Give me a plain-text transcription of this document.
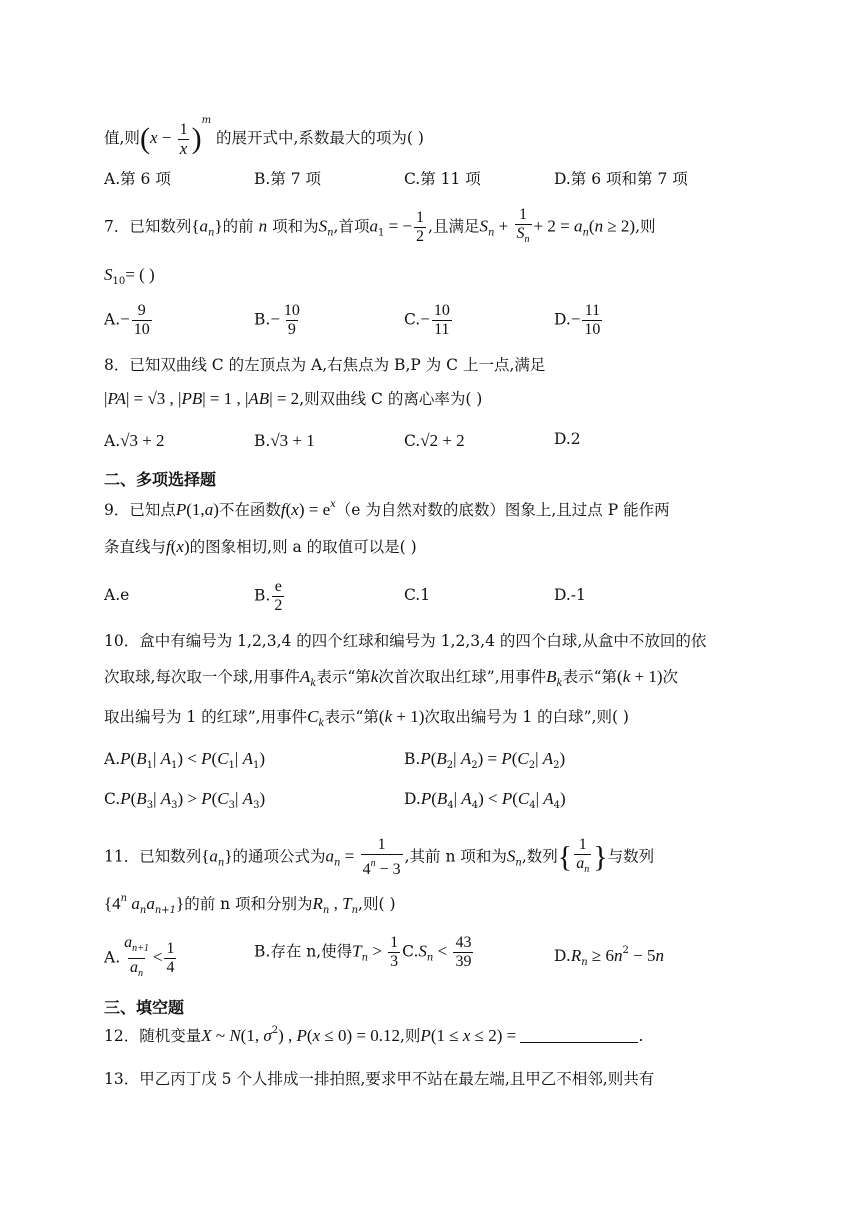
值,则$(x - \frac{1}{x} )^m$ 的展开式中,系数最大的项为( )
A.第 6 项	B.第 7 项	C.第 11 项	D.第 6 项和第 7 项
7．已知数列$\{a_n\}$的前 n 项和为$S_n$,首项$a_1$ = − $\frac{1}{2}$ ,且满足$S_n + \frac{1}{S_n} + 2 = a_n(n \ge 2)$,则
$S_{10}=$ ( )
$A.- \frac{9}{10}$	$B.- \frac{10}{9}$	$C.- \frac{10}{11}$	$D.- \frac{11}{10}$
8．已知双曲线 C 的左顶点为 A,右焦点为 B,P 为 C 上一点,满足
|PA| = √3 , |PB| = 1 , |AB| = 2,则双曲线 C 的离心率为( )
A.√3 + 2	B.√3 + 1	C.√2 + 2	D.2
二、多项选择题
9．已知点P(1,a)不在函数$f(x) = e^x(e$ 为自然对数的底数）图象上,且过点 P 能作两
条直线与f(x)的图象相切,则 a 的取值可以是( )
A.e	B. $\frac{e}{2}$	C.1	D.-1
10．盒中有编号为 1,2,3,4 的四个红球和编号为 1,2,3,4 的四个白球,从盒中不放回的依
次取球,每次取一个球,用事件$A_k$表示“第k次首次取出红球”,用事件$B_k$表示“第(k + 1)次
取出编号为 1 的红球”,用事件$C_k$表示“第(k + 1)次取出编号为 1 的白球”,则( )
$A.P(B_1|$ $A_1) < P(C_1|$ $A_1$)	$B.P(B_2|$ $A_2) = P(C_2|$ $A_2$)
$C.P(B_3|$ $A_3) > P(C_3|$ $A_3$)	$D.P(B_4|$ $A_4) < P(C_4|$ $A_4$)
11．已知数列$\{a_n\}$的通项公式为$a_n = \frac{1}{4^n - 3}$ ,其前 n 项和为$S_n$,数列{ $\frac{1}{a_n}$ }与数列
{4$^n$ $a_na_{n+1}$}的前 n 项和分别为$R_n$ , $T_n$,则( )
A. $\frac{a_{n+1}}{a_n} < \frac{1}{4}$	B.存在 n,使得$T_n > \frac{1}{3} C.S_n < \frac{43}{39}$	$D.R_n \ge 6n^2 - 5n$
三、填空题
12．随机变量X ~ N(1, $\sigma^2$) , P(x ≤ 0) = 0.12,则P(1 ≤ x ≤ 2) =	.
13．甲乙丙丁戊 5 个人排成一排拍照,要求甲不站在最左端,且甲乙不相邻,则共有
